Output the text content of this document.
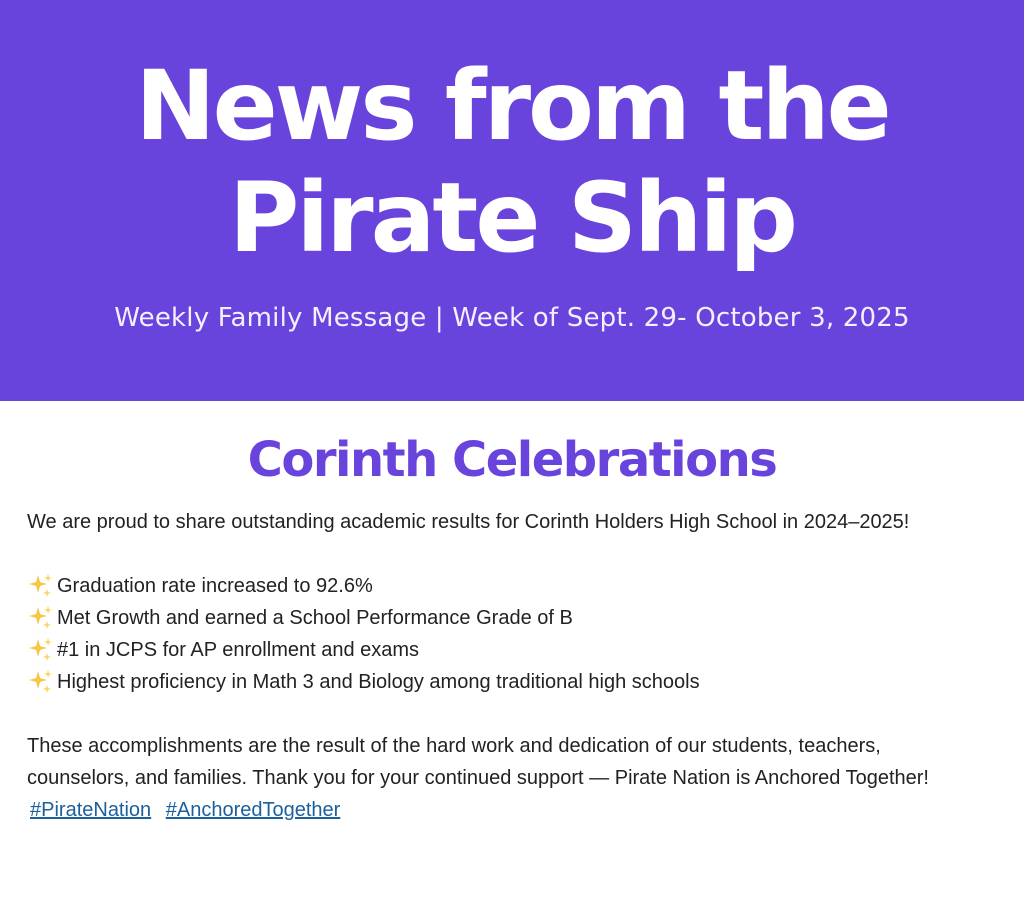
News from the
Pirate Ship

Weekly Family Message | Week of Sept. 29- October 3, 2025

Corinth Celebrations

We are proud to share outstanding academic results for Corinth Holders High School in 2024–2025!

Graduation rate increased to 92.6%
Met Growth and earned a School Performance Grade of B
#1 in JCPS for AP enrollment and exams
Highest proficiency in Math 3 and Biology among traditional high schools

These accomplishments are the result of the hard work and dedication of our students, teachers, counselors, and families. Thank you for your continued support — Pirate Nation is Anchored Together!

#PirateNation #AnchoredTogether
